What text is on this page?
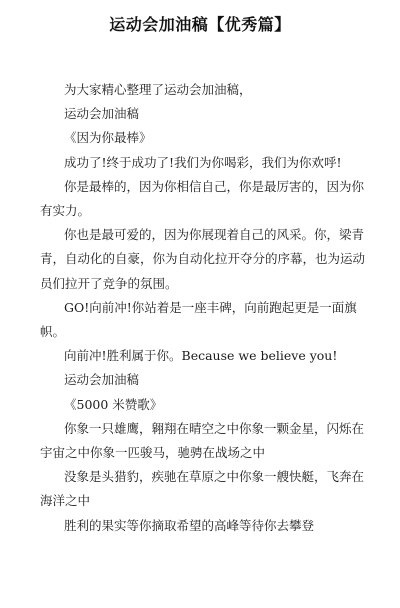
运动会加油稿【优秀篇】

为大家精心整理了运动会加油稿，

运动会加油稿

《因为你最棒》

成功了!终于成功了!我们为你喝彩，我们为你欢呼!

你是最棒的，因为你相信自己，你是最厉害的，因为你有实力。

你也是最可爱的，因为你展现着自己的风采。你，梁青青，自动化的自豪，你为自动化拉开夺分的序幕，也为运动员们拉开了竞争的氛围。

GO!向前冲!你站着是一座丰碑，向前跑起更是一面旗帜。

向前冲!胜利属于你。Because we believe you!

运动会加油稿

《5000 米赞歌》

你象一只雄鹰，翱翔在晴空之中你象一颗金星，闪烁在宇宙之中你象一匹骏马，驰骋在战场之中

没象是头猎豹，疾驰在草原之中你象一艘快艇，飞奔在海洋之中

胜利的果实等你摘取希望的高峰等待你去攀登
